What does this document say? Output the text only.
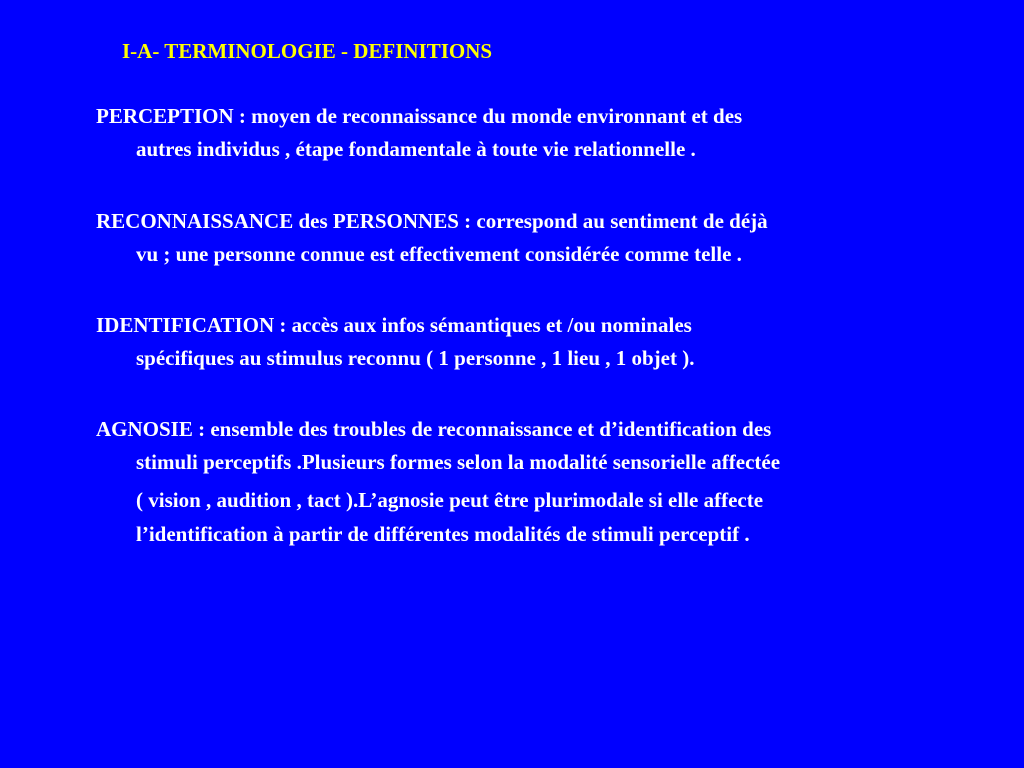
I-A- TERMINOLOGIE - DEFINITIONS

PERCEPTION : moyen de reconnaissance du monde environnant et des
autres individus , étape fondamentale à toute vie relationnelle .

RECONNAISSANCE des PERSONNES : correspond au sentiment de déjà
vu ; une personne connue est effectivement considérée comme telle .

IDENTIFICATION : accès aux infos sémantiques et /ou nominales
spécifiques au stimulus reconnu ( 1 personne , 1 lieu , 1 objet ).

AGNOSIE : ensemble des troubles de reconnaissance et d’identification des
stimuli perceptifs .Plusieurs formes selon la modalité sensorielle affectée
( vision , audition , tact ).L’agnosie peut être plurimodale si elle affecte
l’identification à partir de différentes modalités de stimuli perceptif .
